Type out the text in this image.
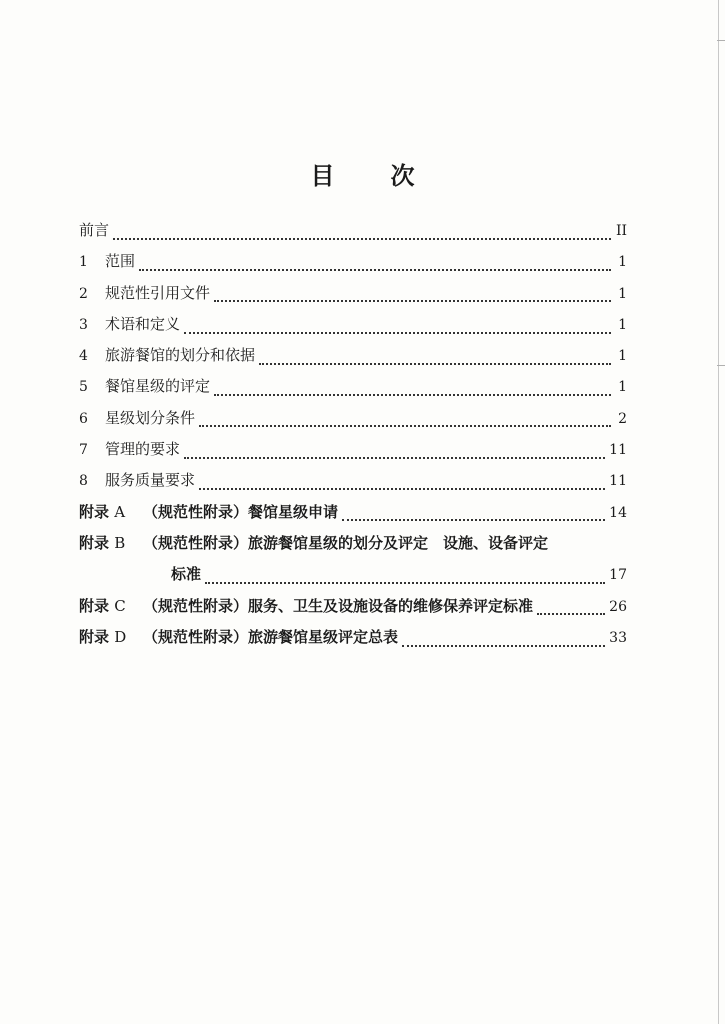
目 次
前言	II
1	范围	1
2	规范性引用文件	1
3	术语和定义	1
4	旅游餐馆的划分和依据	1
5	餐馆星级的评定	1
6	星级划分条件	2
7	管理的要求	11
8	服务质量要求	11
附录 A	（规范性附录）餐馆星级申请	14
附录 B	（规范性附录）旅游餐馆星级的划分及评定　设施、设备评定
标准	17
附录 C	（规范性附录）服务、卫生及设施设备的维修保养评定标准	26
附录 D	（规范性附录）旅游餐馆星级评定总表	33
